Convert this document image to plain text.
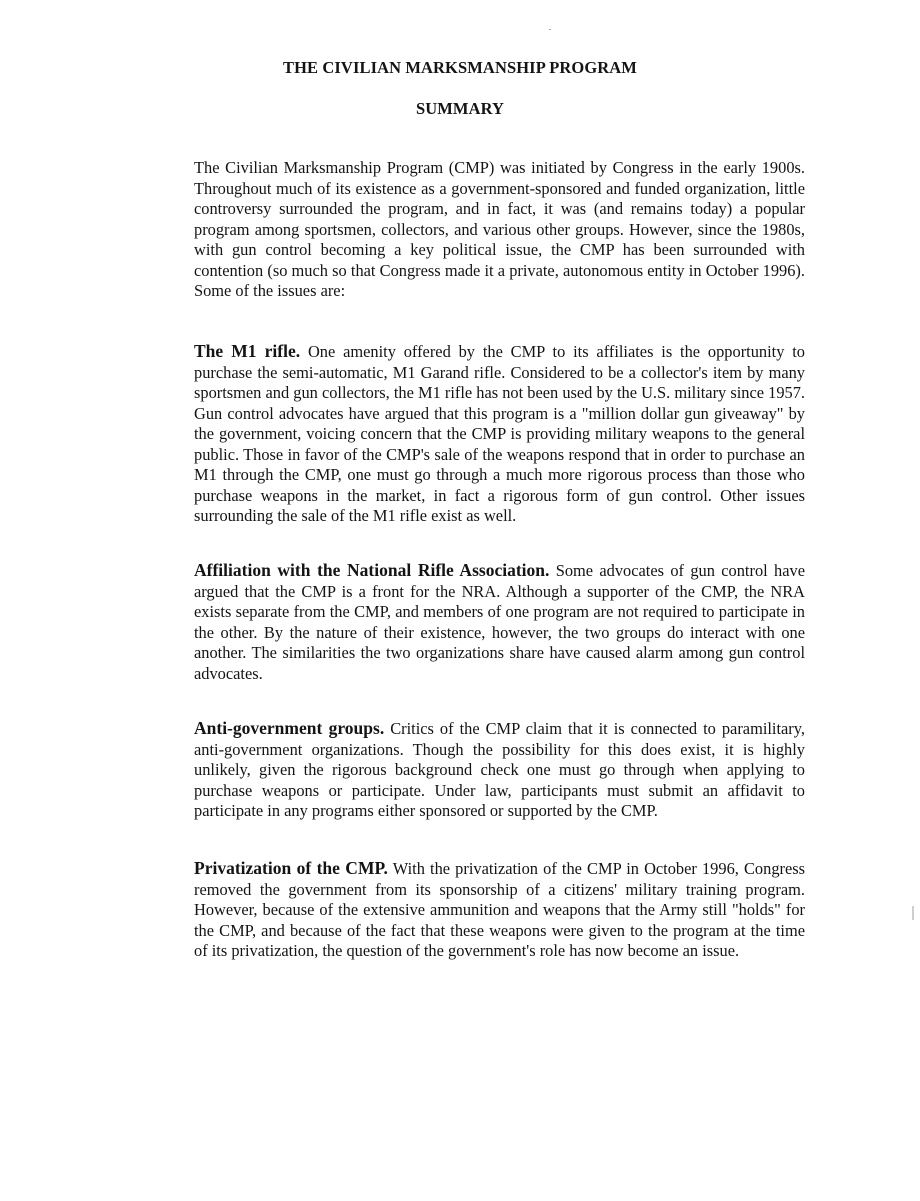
THE CIVILIAN MARKSMANSHIP PROGRAM
SUMMARY

The Civilian Marksmanship Program (CMP) was initiated by Congress in the early 1900s. Throughout much of its existence as a government-sponsored and funded organization, little controversy surrounded the program, and in fact, it was (and remains today) a popular program among sportsmen, collectors, and various other groups. However, since the 1980s, with gun control becoming a key political issue, the CMP has been surrounded with contention (so much so that Congress made it a private, autonomous entity in October 1996). Some of the issues are:

The M1 rifle. One amenity offered by the CMP to its affiliates is the opportunity to purchase the semi-automatic, M1 Garand rifle. Considered to be a collector's item by many sportsmen and gun collectors, the M1 rifle has not been used by the U.S. military since 1957. Gun control advocates have argued that this program is a "million dollar gun giveaway" by the government, voicing concern that the CMP is providing military weapons to the general public. Those in favor of the CMP's sale of the weapons respond that in order to purchase an M1 through the CMP, one must go through a much more rigorous process than those who purchase weapons in the market, in fact a rigorous form of gun control. Other issues surrounding the sale of the M1 rifle exist as well.

Affiliation with the National Rifle Association. Some advocates of gun control have argued that the CMP is a front for the NRA. Although a supporter of the CMP, the NRA exists separate from the CMP, and members of one program are not required to participate in the other. By the nature of their existence, however, the two groups do interact with one another. The similarities the two organizations share have caused alarm among gun control advocates.

Anti-government groups. Critics of the CMP claim that it is connected to paramilitary, anti-government organizations. Though the possibility for this does exist, it is highly unlikely, given the rigorous background check one must go through when applying to purchase weapons or participate. Under law, participants must submit an affidavit to participate in any programs either sponsored or supported by the CMP.

Privatization of the CMP. With the privatization of the CMP in October 1996, Congress removed the government from its sponsorship of a citizens' military training program. However, because of the extensive ammunition and weapons that the Army still "holds" for the CMP, and because of the fact that these weapons were given to the program at the time of its privatization, the question of the government's role has now become an issue.
